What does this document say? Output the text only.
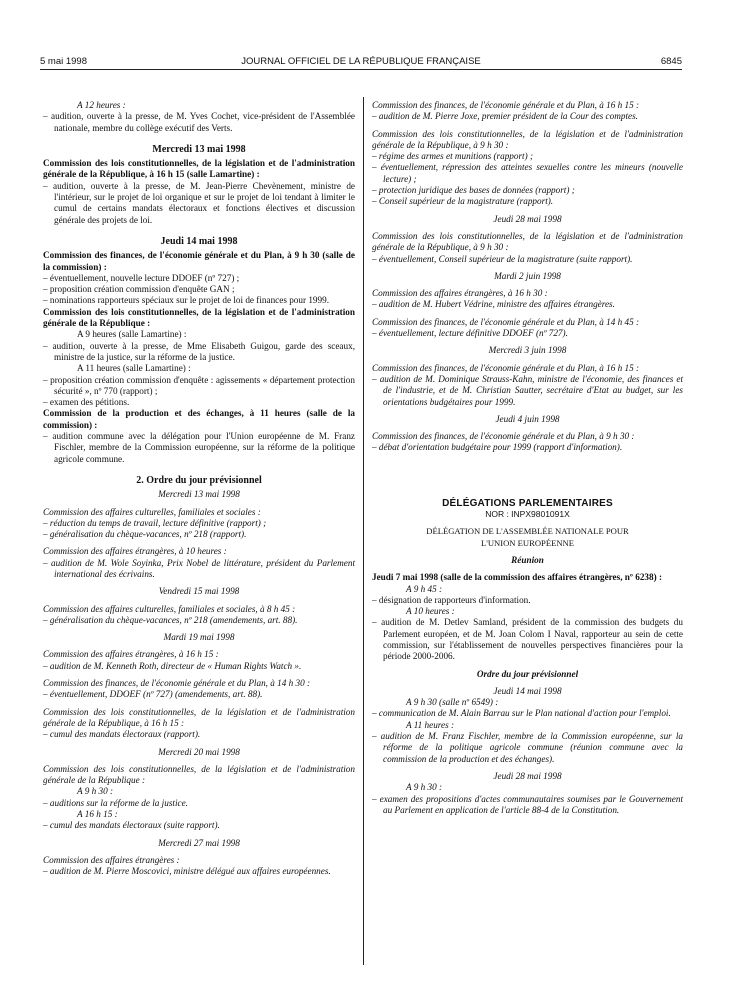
5 mai 1998	JOURNAL OFFICIEL DE LA RÉPUBLIQUE FRANÇAISE	6845

A 12 heures :

– audition, ouverte à la presse, de M. Yves Cochet, vice-président de l'Assemblée nationale, membre du collège exécutif des Verts.

Mercredi 13 mai 1998

Commission des lois constitutionnelles, de la législation et de l'administration générale de la République, à 16 h 15 (salle Lamartine) :

– audition, ouverte à la presse, de M. Jean-Pierre Chevènement, ministre de l'intérieur, sur le projet de loi organique et sur le projet de loi tendant à limiter le cumul de certains mandats électoraux et fonctions électives et discussion générale des projets de loi.

Jeudi 14 mai 1998

Commission des finances, de l'économie générale et du Plan, à 9 h 30 (salle de la commission) :

– éventuellement, nouvelle lecture DDOEF (nº 727) ;

– proposition création commission d'enquête GAN ;

– nominations rapporteurs spéciaux sur le projet de loi de finances pour 1999.

Commission des lois constitutionnelles, de la législation et de l'administration générale de la République :

A 9 heures (salle Lamartine) :

– audition, ouverte à la presse, de Mme Elisabeth Guigou, garde des sceaux, ministre de la justice, sur la réforme de la justice.

A 11 heures (salle Lamartine) :

– proposition création commission d'enquête : agissements « département protection sécurité », nº 770 (rapport) ;

– examen des pétitions.

Commission de la production et des échanges, à 11 heures (salle de la commission) :

– audition commune avec la délégation pour l'Union européenne de M. Franz Fischler, membre de la Commission européenne, sur la réforme de la politique agricole commune.

2. Ordre du jour prévisionnel

Mercredi 13 mai 1998

Commission des affaires culturelles, familiales et sociales :

– réduction du temps de travail, lecture définitive (rapport) ;

– généralisation du chèque-vacances, nº 218 (rapport).

Commission des affaires étrangères, à 10 heures :

– audition de M. Wole Soyinka, Prix Nobel de littérature, président du Parlement international des écrivains.

Vendredi 15 mai 1998

Commission des affaires culturelles, familiales et sociales, à 8 h 45 :

– généralisation du chèque-vacances, nº 218 (amendements, art. 88).

Mardi 19 mai 1998

Commission des affaires étrangères, à 16 h 15 :

– audition de M. Kenneth Roth, directeur de « Human Rights Watch ».

Commission des finances, de l'économie générale et du Plan, à 14 h 30 :

– éventuellement, DDOEF (nº 727) (amendements, art. 88).

Commission des lois constitutionnelles, de la législation et de l'administration générale de la République, à 16 h 15 :

– cumul des mandats électoraux (rapport).

Mercredi 20 mai 1998

Commission des lois constitutionnelles, de la législation et de l'administration générale de la République :

A 9 h 30 :

– auditions sur la réforme de la justice.

A 16 h 15 :

– cumul des mandats électoraux (suite rapport).

Mercredi 27 mai 1998

Commission des affaires étrangères :

– audition de M. Pierre Moscovici, ministre délégué aux affaires européennes.

Commission des finances, de l'économie générale et du Plan, à 16 h 15 :

– audition de M. Pierre Joxe, premier président de la Cour des comptes.

Commission des lois constitutionnelles, de la législation et de l'administration générale de la République, à 9 h 30 :

– régime des armes et munitions (rapport) ;

– éventuellement, répression des atteintes sexuelles contre les mineurs (nouvelle lecture) ;

– protection juridique des bases de données (rapport) ;

– Conseil supérieur de la magistrature (rapport).

Jeudi 28 mai 1998

Commission des lois constitutionnelles, de la législation et de l'administration générale de la République, à 9 h 30 :

– éventuellement, Conseil supérieur de la magistrature (suite rapport).

Mardi 2 juin 1998

Commission des affaires étrangères, à 16 h 30 :

– audition de M. Hubert Védrine, ministre des affaires étrangères.

Commission des finances, de l'économie générale et du Plan, à 14 h 45 :

– éventuellement, lecture définitive DDOEF (nº 727).

Mercredi 3 juin 1998

Commission des finances, de l'économie générale et du Plan, à 16 h 15 :

– audition de M. Dominique Strauss-Kahn, ministre de l'économie, des finances et de l'industrie, et de M. Christian Sautter, secrétaire d'Etat au budget, sur les orientations budgétaires pour 1999.

Jeudi 4 juin 1998

Commission des finances, de l'économie générale et du Plan, à 9 h 30 :

– débat d'orientation budgétaire pour 1999 (rapport d'information).

DÉLÉGATIONS PARLEMENTAIRES

NOR : INPX9801091X

DÉLÉGATION DE L'ASSEMBLÉE NATIONALE POUR L'UNION EUROPÉENNE

Réunion

Jeudi 7 mai 1998 (salle de la commission des affaires étrangères, nº 6238) :

A 9 h 45 :

– désignation de rapporteurs d'information.

A 10 heures :

– audition de M. Detlev Samland, président de la commission des budgets du Parlement européen, et de M. Joan Colom I Naval, rapporteur au sein de cette commission, sur l'établissement de nouvelles perspectives financières pour la période 2000-2006.

Ordre du jour prévisionnel

Jeudi 14 mai 1998

A 9 h 30 (salle nº 6549) :

– communication de M. Alain Barrau sur le Plan national d'action pour l'emploi.

A 11 heures :

– audition de M. Franz Fischler, membre de la Commission européenne, sur la réforme de la politique agricole commune (réunion commune avec la commission de la production et des échanges).

Jeudi 28 mai 1998

A 9 h 30 :

– examen des propositions d'actes communautaires soumises par le Gouvernement au Parlement en application de l'article 88-4 de la Constitution.
